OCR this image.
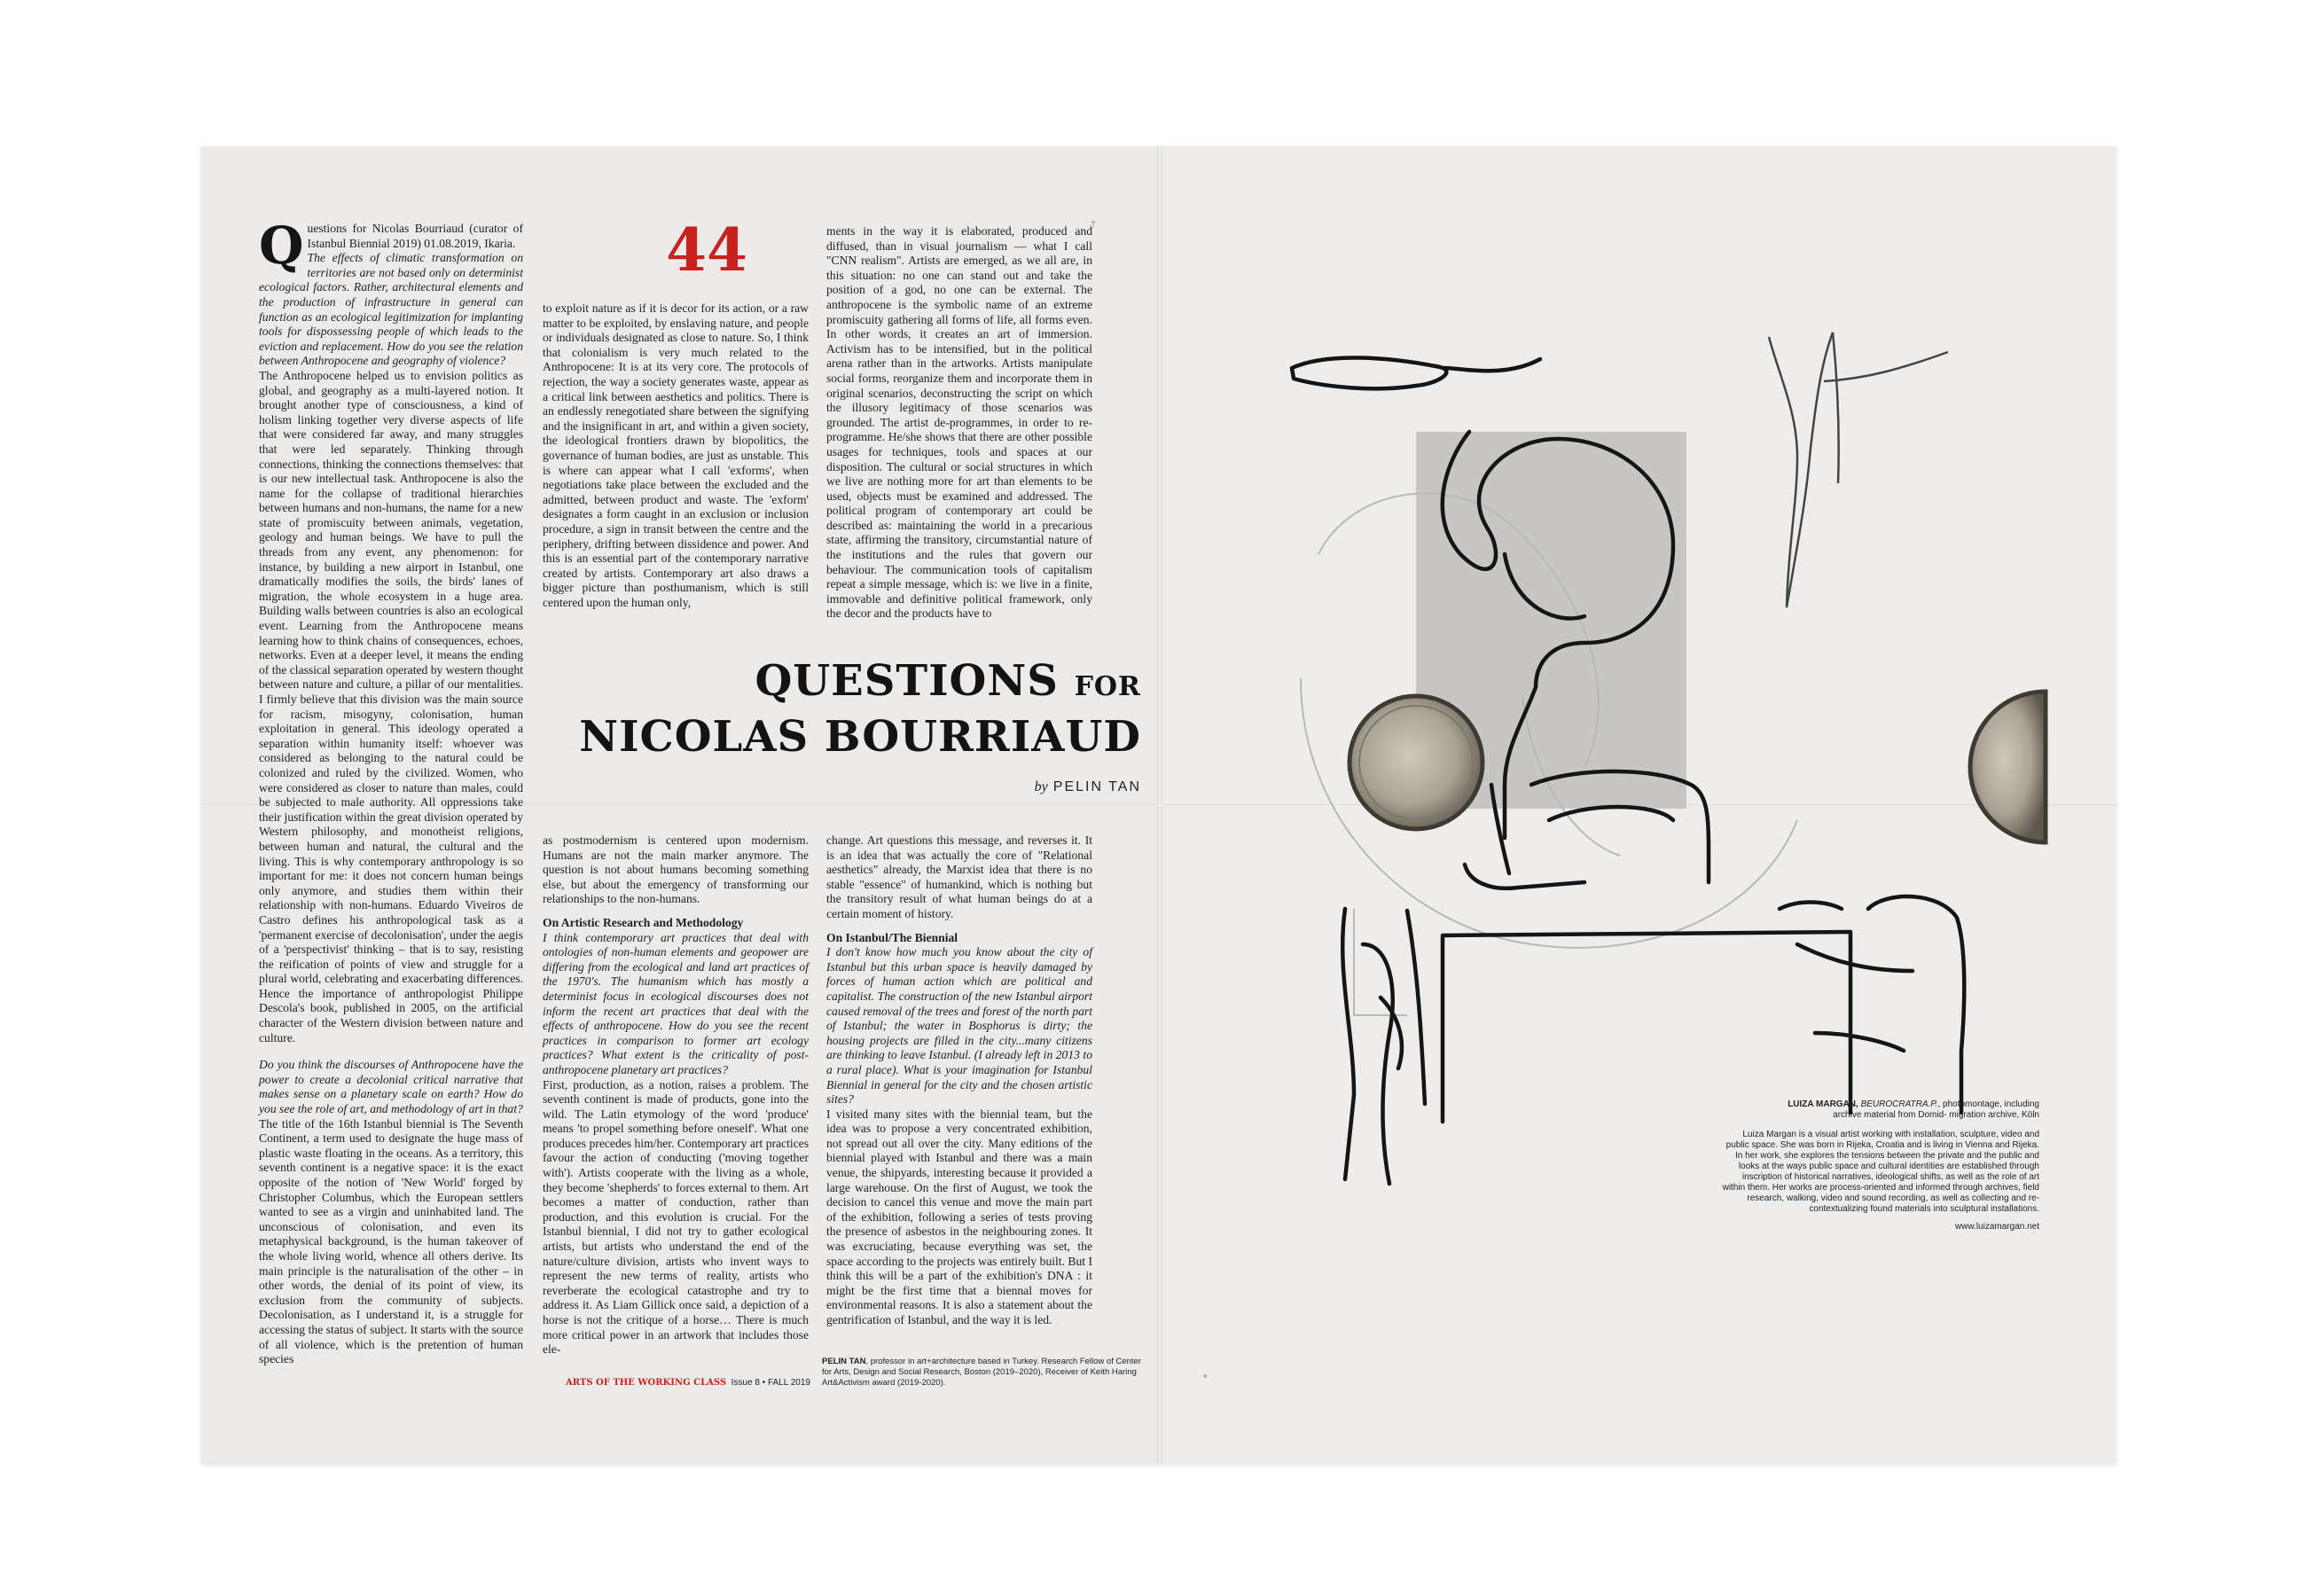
Questions for Nicolas Bourriaud (curator of Istanbul Biennial 2019) 01.08.2019, Ikaria.

The effects of climatic transformation on territories are not based only on determinist ecological factors. Rather, architectural elements and the production of infrastructure in general can function as an ecological legitimization for implanting tools for dispossessing people of which leads to the eviction and replacement. How do you see the relation between Anthropocene and geography of violence?

The Anthropocene helped us to envision politics as global, and geography as a multi-layered notion. It brought another type of consciousness, a kind of holism linking together very diverse aspects of life that were considered far away, and many struggles that were led separately. Thinking through connections, thinking the connections themselves: that is our new intellectual task. Anthropocene is also the name for the collapse of traditional hierarchies between humans and non-humans, the name for a new state of promiscuity between animals, vegetation, geology and human beings. We have to pull the threads from any event, any phenomenon: for instance, by building a new airport in Istanbul, one dramatically modifies the soils, the birds' lanes of migration, the whole ecosystem in a huge area. Building walls between countries is also an ecological event. Learning from the Anthropocene means learning how to think chains of consequences, echoes, networks. Even at a deeper level, it means the ending of the classical separation operated by western thought between nature and culture, a pillar of our mentalities. I firmly believe that this division was the main source for racism, misogyny, colonisation, human exploitation in general. This ideology operated a separation within humanity itself: whoever was considered as belonging to the natural could be colonized and ruled by the civilized. Women, who were considered as closer to nature than males, could be subjected to male authority. All oppressions take their justification within the great division operated by Western philosophy, and monotheist religions, between human and natural, the cultural and the living. This is why contemporary anthropology is so important for me: it does not concern human beings only anymore, and studies them within their relationship with non-humans. Eduardo Viveiros de Castro defines his anthropological task as a 'permanent exercise of decolonisation', under the aegis of a 'perspectivist' thinking – that is to say, resisting the reification of points of view and struggle for a plural world, celebrating and exacerbating differences. Hence the importance of anthropologist Philippe Descola's book, published in 2005, on the artificial character of the Western division between nature and culture.

Do you think the discourses of Anthropocene have the power to create a decolonial critical narrative that makes sense on a planetary scale on earth? How do you see the role of art, and methodology of art in that?

The title of the 16th Istanbul biennial is The Seventh Continent, a term used to designate the huge mass of plastic waste floating in the oceans. As a territory, this seventh continent is a negative space: it is the exact opposite of the notion of 'New World' forged by Christopher Columbus, which the European settlers wanted to see as a virgin and uninhabited land. The unconscious of colonisation, and even its metaphysical background, is the human takeover of the whole living world, whence all others derive. Its main principle is the naturalisation of the other – in other words, the denial of its point of view, its exclusion from the community of subjects. Decolonisation, as I understand it, is a struggle for accessing the status of subject. It starts with the source of all violence, which is the pretention of human species

44

to exploit nature as if it is decor for its action, or a raw matter to be exploited, by enslaving nature, and people or individuals designated as close to nature. So, I think that colonialism is very much related to the Anthropocene: It is at its very core. The protocols of rejection, the way a society generates waste, appear as a critical link between aesthetics and politics. There is an endlessly renegotiated share between the signifying and the insignificant in art, and within a given society, the ideological frontiers drawn by biopolitics, the governance of human bodies, are just as unstable. This is where can appear what I call 'exforms', when negotiations take place between the excluded and the admitted, between product and waste. The 'exform' designates a form caught in an exclusion or inclusion procedure, a sign in transit between the centre and the periphery, drifting between dissidence and power. And this is an essential part of the contemporary narrative created by artists. Contemporary art also draws a bigger picture than posthumanism, which is still centered upon the human only,

ments in the way it is elaborated, produced and diffused, than in visual journalism — what I call "CNN realism". Artists are emerged, as we all are, in this situation: no one can stand out and take the position of a god, no one can be external. The anthropocene is the symbolic name of an extreme promiscuity gathering all forms of life, all forms even. In other words, it creates an art of immersion. Activism has to be intensified, but in the political arena rather than in the artworks. Artists manipulate social forms, reorganize them and incorporate them in original scenarios, deconstructing the script on which the illusory legitimacy of those scenarios was grounded. The artist de-programmes, in order to re-programme. He/she shows that there are other possible usages for techniques, tools and spaces at our disposition. The cultural or social structures in which we live are nothing more for art than elements to be used, objects must be examined and addressed. The political program of contemporary art could be described as: maintaining the world in a precarious state, affirming the transitory, circumstantial nature of the institutions and the rules that govern our behaviour. The communication tools of capitalism repeat a simple message, which is: we live in a finite, immovable and definitive political framework, only the decor and the products have to

QUESTIONS FOR
NICOLAS BOURRIAUD
by PELIN TAN

as postmodernism is centered upon modernism. Humans are not the main marker anymore. The question is not about humans becoming something else, but about the emergency of transforming our relationships to the non-humans.

On Artistic Research and Methodology

I think contemporary art practices that deal with ontologies of non-human elements and geopower are differing from the ecological and land art practices of the 1970's. The humanism which has mostly a determinist focus in ecological discourses does not inform the recent art practices that deal with the effects of anthropocene. How do you see the recent practices in comparison to former art ecology practices? What extent is the criticality of post-anthropocene planetary art practices?

First, production, as a notion, raises a problem. The seventh continent is made of products, gone into the wild. The Latin etymology of the word 'produce' means 'to propel something before oneself'. What one produces precedes him/her. Contemporary art practices favour the action of conducting ('moving together with'). Artists cooperate with the living as a whole, they become 'shepherds' to forces external to them. Art becomes a matter of conduction, rather than production, and this evolution is crucial. For the Istanbul biennial, I did not try to gather ecological artists, but artists who understand the end of the nature/culture division, artists who invent ways to represent the new terms of reality, artists who reverberate the ecological catastrophe and try to address it. As Liam Gillick once said, a depiction of a horse is not the critique of a horse… There is much more critical power in an artwork that includes those ele-

change. Art questions this message, and reverses it. It is an idea that was actually the core of "Relational aesthetics" already, the Marxist idea that there is no stable "essence" of humankind, which is nothing but the transitory result of what human beings do at a certain moment of history.

On Istanbul/The Biennial

I don't know how much you know about the city of Istanbul but this urban space is heavily damaged by forces of human action which are political and capitalist. The construction of the new Istanbul airport caused removal of the trees and forest of the north part of Istanbul; the water in Bosphorus is dirty; the housing projects are filled in the city...many citizens are thinking to leave Istanbul. (I already left in 2013 to a rural place). What is your imagination for Istanbul Biennial in general for the city and the chosen artistic sites?

I visited many sites with the biennial team, but the idea was to propose a very concentrated exhibition, not spread out all over the city. Many editions of the biennial played with Istanbul and there was a main venue, the shipyards, interesting because it provided a large warehouse. On the first of August, we took the decision to cancel this venue and move the main part of the exhibition, following a series of tests proving the presence of asbestos in the neighbouring zones. It was excruciating, because everything was set, the space according to the projects was entirely built. But I think this will be a part of the exhibition's DNA : it might be the first time that a biennal moves for environmental reasons. It is also a statement about the gentrification of Istanbul, and the way it is led.

ARTS OF THE WORKING CLASS Issue 8 • FALL 2019
PELIN TAN, professor in art+architecture based in Turkey. Research Fellow of Center for Arts, Design and Social Research, Boston (2019–2020), Receiver of Keith Haring Art&Activism award (2019-2020).
†
•
LUIZA MARGAN, BEUROCRATRA.P., photomontage, including
archive material from Domid- migration archive, Köln
Luiza Margan is a visual artist working with installation, sculpture, video and public space. She was born in Rijeka, Croatia and is living in Vienna and Rijeka. In her work, she explores the tensions between the private and the public and looks at the ways public space and cultural identities are established through inscription of historical narratives, ideological shifts, as well as the role of art within them. Her works are process-oriented and informed through archives, field research, walking, video and sound recording, as well as collecting and re-contextualizing found materials into sculptural installations.
www.luizamargan.net
